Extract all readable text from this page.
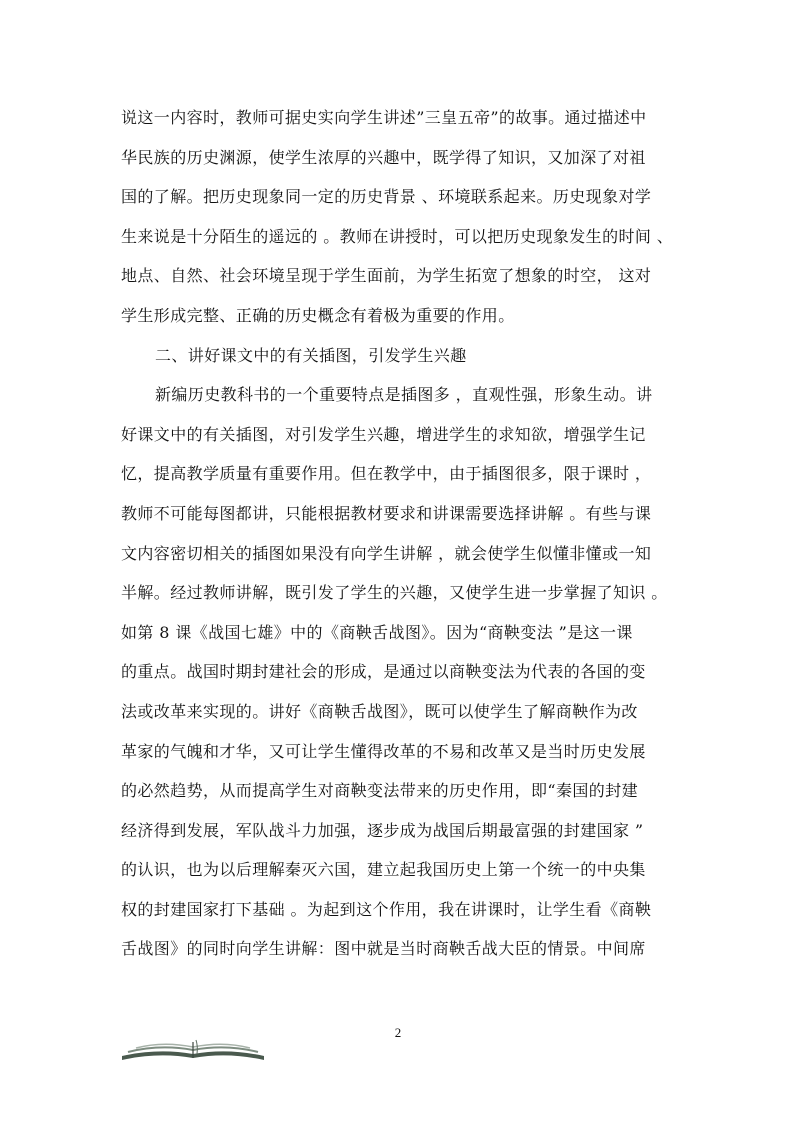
说这一内容时，教师可据史实向学生讲述”三皇五帝”的故事。通过描述中
华民族的历史渊源，使学生浓厚的兴趣中，既学得了知识，又加深了对祖
国的了解。把历史现象同一定的历史背景 、环境联系起来。历史现象对学
生来说是十分陌生的遥远的 。教师在讲授时，可以把历史现象发生的时间 、
地点、自然、社会环境呈现于学生面前，为学生拓宽了想象的时空， 这对
学生形成完整、正确的历史概念有着极为重要的作用。
二、讲好课文中的有关插图，引发学生兴趣
新编历史教科书的一个重要特点是插图多 ，直观性强，形象生动。讲
好课文中的有关插图，对引发学生兴趣，增进学生的求知欲，增强学生记
忆，提高教学质量有重要作用。但在教学中，由于插图很多，限于课时 ，
教师不可能每图都讲，只能根据教材要求和讲课需要选择讲解 。有些与课
文内容密切相关的插图如果没有向学生讲解 ，就会使学生似懂非懂或一知
半解。经过教师讲解，既引发了学生的兴趣，又使学生进一步掌握了知识 。
如第 8 课《战国七雄》中的《商鞅舌战图》。因为“商鞅变法 ”是这一课
的重点。战国时期封建社会的形成，是通过以商鞅变法为代表的各国的变
法或改革来实现的。讲好《商鞅舌战图》，既可以使学生了解商鞅作为改
革家的气魄和才华，又可让学生懂得改革的不易和改革又是当时历史发展
的必然趋势，从而提高学生对商鞅变法带来的历史作用，即“秦国的封建
经济得到发展，军队战斗力加强，逐步成为战国后期最富强的封建国家 ”
的认识，也为以后理解秦灭六国，建立起我国历史上第一个统一的中央集
权的封建国家打下基础 。为起到这个作用，我在讲课时，让学生看《商鞅
舌战图》的同时向学生讲解：图中就是当时商鞅舌战大臣的情景。中间席
2
